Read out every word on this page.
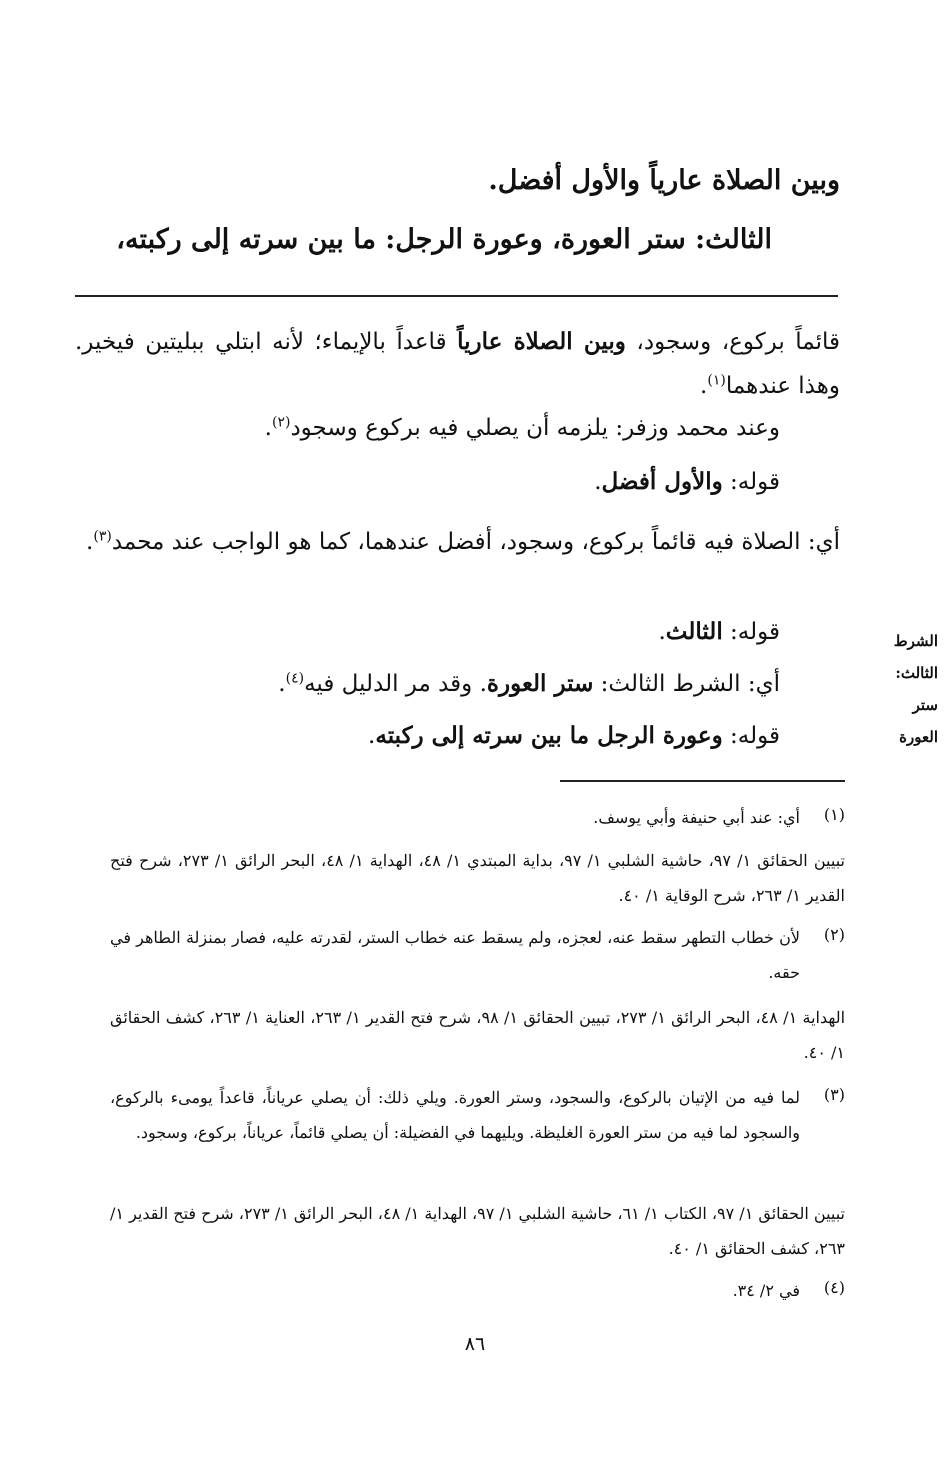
وبين الصلاة عارياً والأول أفضل.
الثالث: ستر العورة، وعورة الرجل: ما بين سرته إلى ركبته،
قائماً بركوع، وسجود، وبين الصلاة عارياً قاعداً بالإيماء؛ لأنه ابتلي ببليتين فيخير. وهذا عندهما$^{(١)}$.
وعند محمد وزفر: يلزمه أن يصلي فيه بركوع وسجود$^{(٢)}$.
قوله: والأول أفضل.
أي: الصلاة فيه قائماً بركوع، وسجود، أفضل عندهما، كما هو الواجب عند محمد$^{(٣)}$.
قوله: الثالث.
أي: الشرط الثالث: ستر العورة. وقد مر الدليل فيه$^{(٤)}$.
قوله: وعورة الرجل ما بين سرته إلى ركبته.
الشرط
الثالث:
ستر
العورة
(١)
أي: عند أبي حنيفة وأبي يوسف.
تبيين الحقائق ١/ ٩٧، حاشية الشلبي ١/ ٩٧، بداية المبتدي ١/ ٤٨، الهداية ١/ ٤٨، البحر الرائق ١/ ٢٧٣، شرح فتح القدير ١/ ٢٦٣، شرح الوقاية ١/ ٤٠.
(٢)
لأن خطاب التطهر سقط عنه، لعجزه، ولم يسقط عنه خطاب الستر، لقدرته عليه، فصار بمنزلة الطاهر في حقه.
الهداية ١/ ٤٨، البحر الرائق ١/ ٢٧٣، تبيين الحقائق ١/ ٩٨، شرح فتح القدير ١/ ٢٦٣، العناية ١/ ٢٦٣، كشف الحقائق ١/ ٤٠.
(٣)
لما فيه من الإتيان بالركوع، والسجود، وستر العورة. ويلي ذلك: أن يصلي عرياناً، قاعداً يومىء بالركوع، والسجود لما فيه من ستر العورة الغليظة. ويليهما في الفضيلة: أن يصلي قائماً، عرياناً، بركوع، وسجود.
تبيين الحقائق ١/ ٩٧، الكتاب ١/ ٦١، حاشية الشلبي ١/ ٩٧، الهداية ١/ ٤٨، البحر الرائق ١/ ٢٧٣، شرح فتح القدير ١/ ٢٦٣، كشف الحقائق ١/ ٤٠.
(٤)
في ٢/ ٣٤.
٨٦
